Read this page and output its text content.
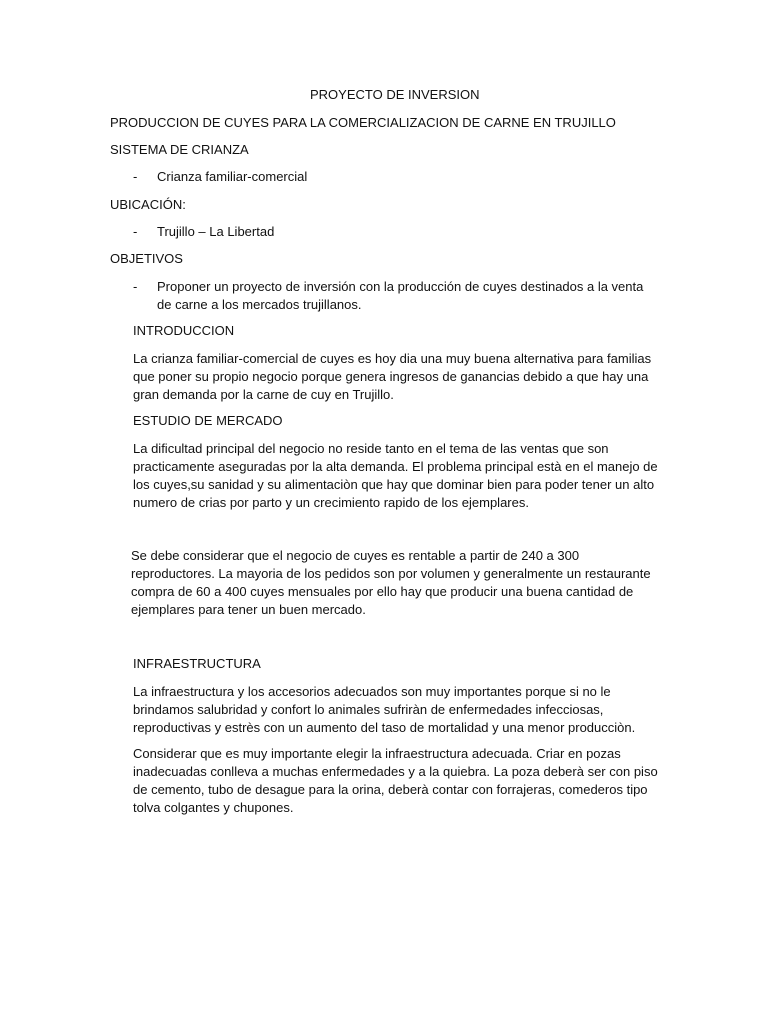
PROYECTO DE INVERSION
PRODUCCION DE CUYES PARA LA COMERCIALIZACION DE CARNE EN TRUJILLO
SISTEMA DE CRIANZA
- Crianza familiar-comercial
UBICACIÓN:
- Trujillo – La Libertad
OBJETIVOS
- Proponer un proyecto de inversión con la producción de cuyes destinados a la venta
de carne a los mercados trujillanos.
INTRODUCCION
La crianza familiar-comercial de cuyes es hoy dia una muy buena alternativa para familias
que poner su propio negocio porque genera ingresos de ganancias debido a que hay una
gran demanda por la carne de cuy en Trujillo.
ESTUDIO DE MERCADO
La dificultad principal del negocio no reside tanto en el tema de las ventas que son
practicamente aseguradas por la alta demanda. El problema principal està en el manejo de
los cuyes,su sanidad y su alimentaciòn que hay que dominar bien para poder tener un alto
numero de crias por parto y un crecimiento rapido de los ejemplares.
Se debe considerar que el negocio de cuyes es rentable a partir de 240 a 300
reproductores. La mayoria de los pedidos son por volumen y generalmente un restaurante
compra de 60 a 400 cuyes mensuales por ello hay que producir una buena cantidad de
ejemplares para tener un buen mercado.
INFRAESTRUCTURA
La infraestructura y los accesorios adecuados son muy importantes porque si no le
brindamos salubridad y confort lo animales sufriràn de enfermedades infecciosas,
reproductivas y estrès con un aumento del taso de mortalidad y una menor producciòn.
Considerar que es muy importante elegir la infraestructura adecuada. Criar en pozas
inadecuadas conlleva a muchas enfermedades y a la quiebra. La poza deberà ser con piso
de cemento, tubo de desague para la orina, deberà contar con forrajeras, comederos tipo
tolva colgantes y chupones.
